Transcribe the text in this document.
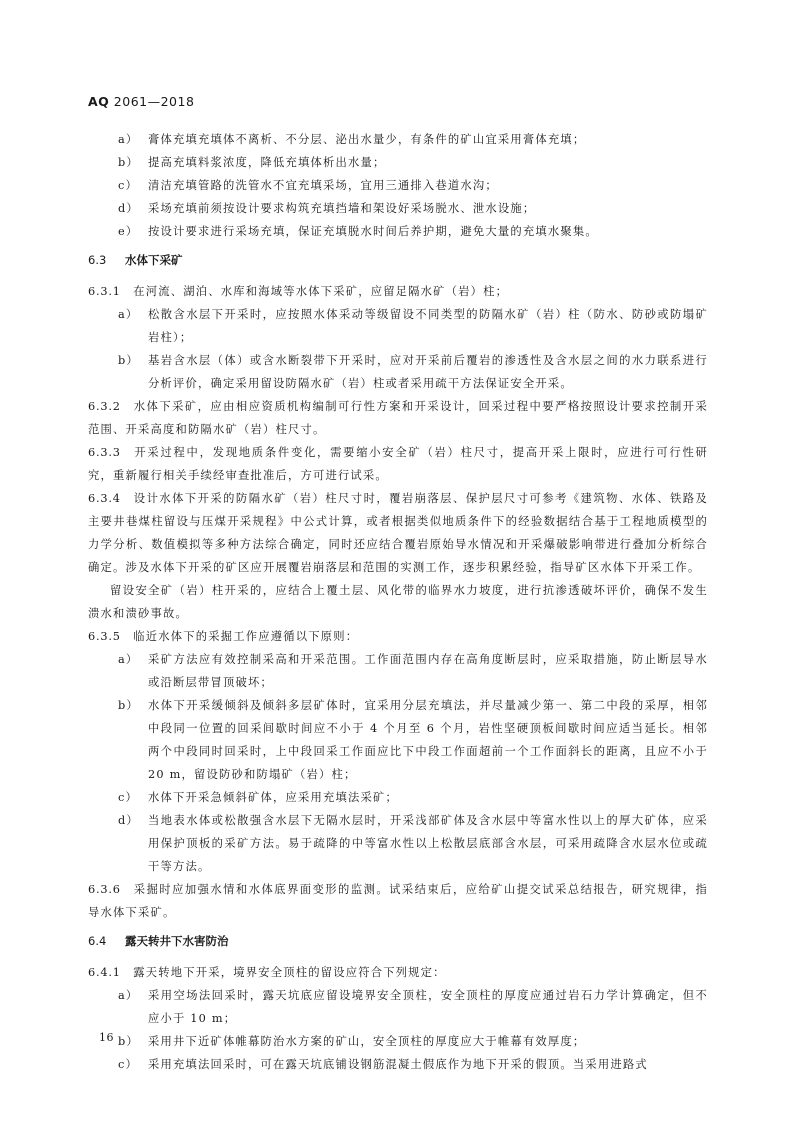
AQ 2061—2018
a） 膏体充填充填体不离析、不分层、泌出水量少，有条件的矿山宜采用膏体充填；
b） 提高充填料浆浓度，降低充填体析出水量；
c） 清洁充填管路的洗管水不宜充填采场，宜用三通排入巷道水沟；
d） 采场充填前须按设计要求构筑充填挡墙和架设好采场脱水、泄水设施；
e） 按设计要求进行采场充填，保证充填脱水时间后养护期，避免大量的充填水聚集。
6.3 水体下采矿

6.3.1　 在河流、湖泊、水库和海域等水体下采矿，应留足隔水矿（岩）柱；

a） 松散含水层下开采时，应按照水体采动等级留设不同类型的防隔水矿（岩）柱（防水、防砂或防塌矿岩柱）；
b） 基岩含水层（体）或含水断裂带下开采时，应对开采前后覆岩的渗透性及含水层之间的水力联系进行分析评价，确定采用留设防隔水矿（岩）柱或者采用疏干方法保证安全开采。

6.3.2　 水体下采矿，应由相应资质机构编制可行性方案和开采设计，回采过程中要严格按照设计要求控制开采范围、开采高度和防隔水矿（岩）柱尺寸。

6.3.3　 开采过程中，发现地质条件变化，需要缩小安全矿（岩）柱尺寸，提高开采上限时，应进行可行性研究，重新履行相关手续经审查批准后，方可进行试采。

6.3.4　 设计水体下开采的防隔水矿（岩）柱尺寸时，覆岩崩落层、保护层尺寸可参考《建筑物、水体、铁路及主要井巷煤柱留设与压煤开采规程》中公式计算，或者根据类似地质条件下的经验数据结合基于工程地质模型的力学分析、数值模拟等多种方法综合确定，同时还应结合覆岩原始导水情况和开采爆破影响带进行叠加分析综合确定。涉及水体下开采的矿区应开展覆岩崩落层和范围的实测工作，逐步积累经验，指导矿区水体下开采工作。

留设安全矿（岩）柱开采的，应结合上覆土层、风化带的临界水力坡度，进行抗渗透破坏评价，确保不发生溃水和溃砂事故。

6.3.5　 临近水体下的采掘工作应遵循以下原则：

a） 采矿方法应有效控制采高和开采范围。工作面范围内存在高角度断层时，应采取措施，防止断层导水或沿断层带冒顶破坏；
b） 水体下开采缓倾斜及倾斜多层矿体时，宜采用分层充填法，并尽量减少第一、第二中段的采厚，相邻中段同一位置的回采间歇时间应不小于 4 个月至 6 个月，岩性坚硬顶板间歇时间应适当延长。相邻两个中段同时回采时，上中段回采工作面应比下中段工作面超前一个工作面斜长的距离，且应不小于 20 m，留设防砂和防塌矿（岩）柱；
c） 水体下开采急倾斜矿体，应采用充填法采矿；
d） 当地表水体或松散强含水层下无隔水层时，开采浅部矿体及含水层中等富水性以上的厚大矿体，应采用保护顶板的采矿方法。易于疏降的中等富水性以上松散层底部含水层，可采用疏降含水层水位或疏干等方法。

6.3.6　 采掘时应加强水情和水体底界面变形的监测。试采结束后，应给矿山提交试采总结报告，研究规律，指导水体下采矿。

6.4 露天转井下水害防治

6.4.1　 露天转地下开采，境界安全顶柱的留设应符合下列规定：

a） 采用空场法回采时，露天坑底应留设境界安全顶柱，安全顶柱的厚度应通过岩石力学计算确定，但不应小于 10 m；
b） 采用井下近矿体帷幕防治水方案的矿山，安全顶柱的厚度应大于帷幕有效厚度；
c） 采用充填法回采时，可在露天坑底铺设钢筋混凝土假底作为地下开采的假顶。当采用进路式
16
